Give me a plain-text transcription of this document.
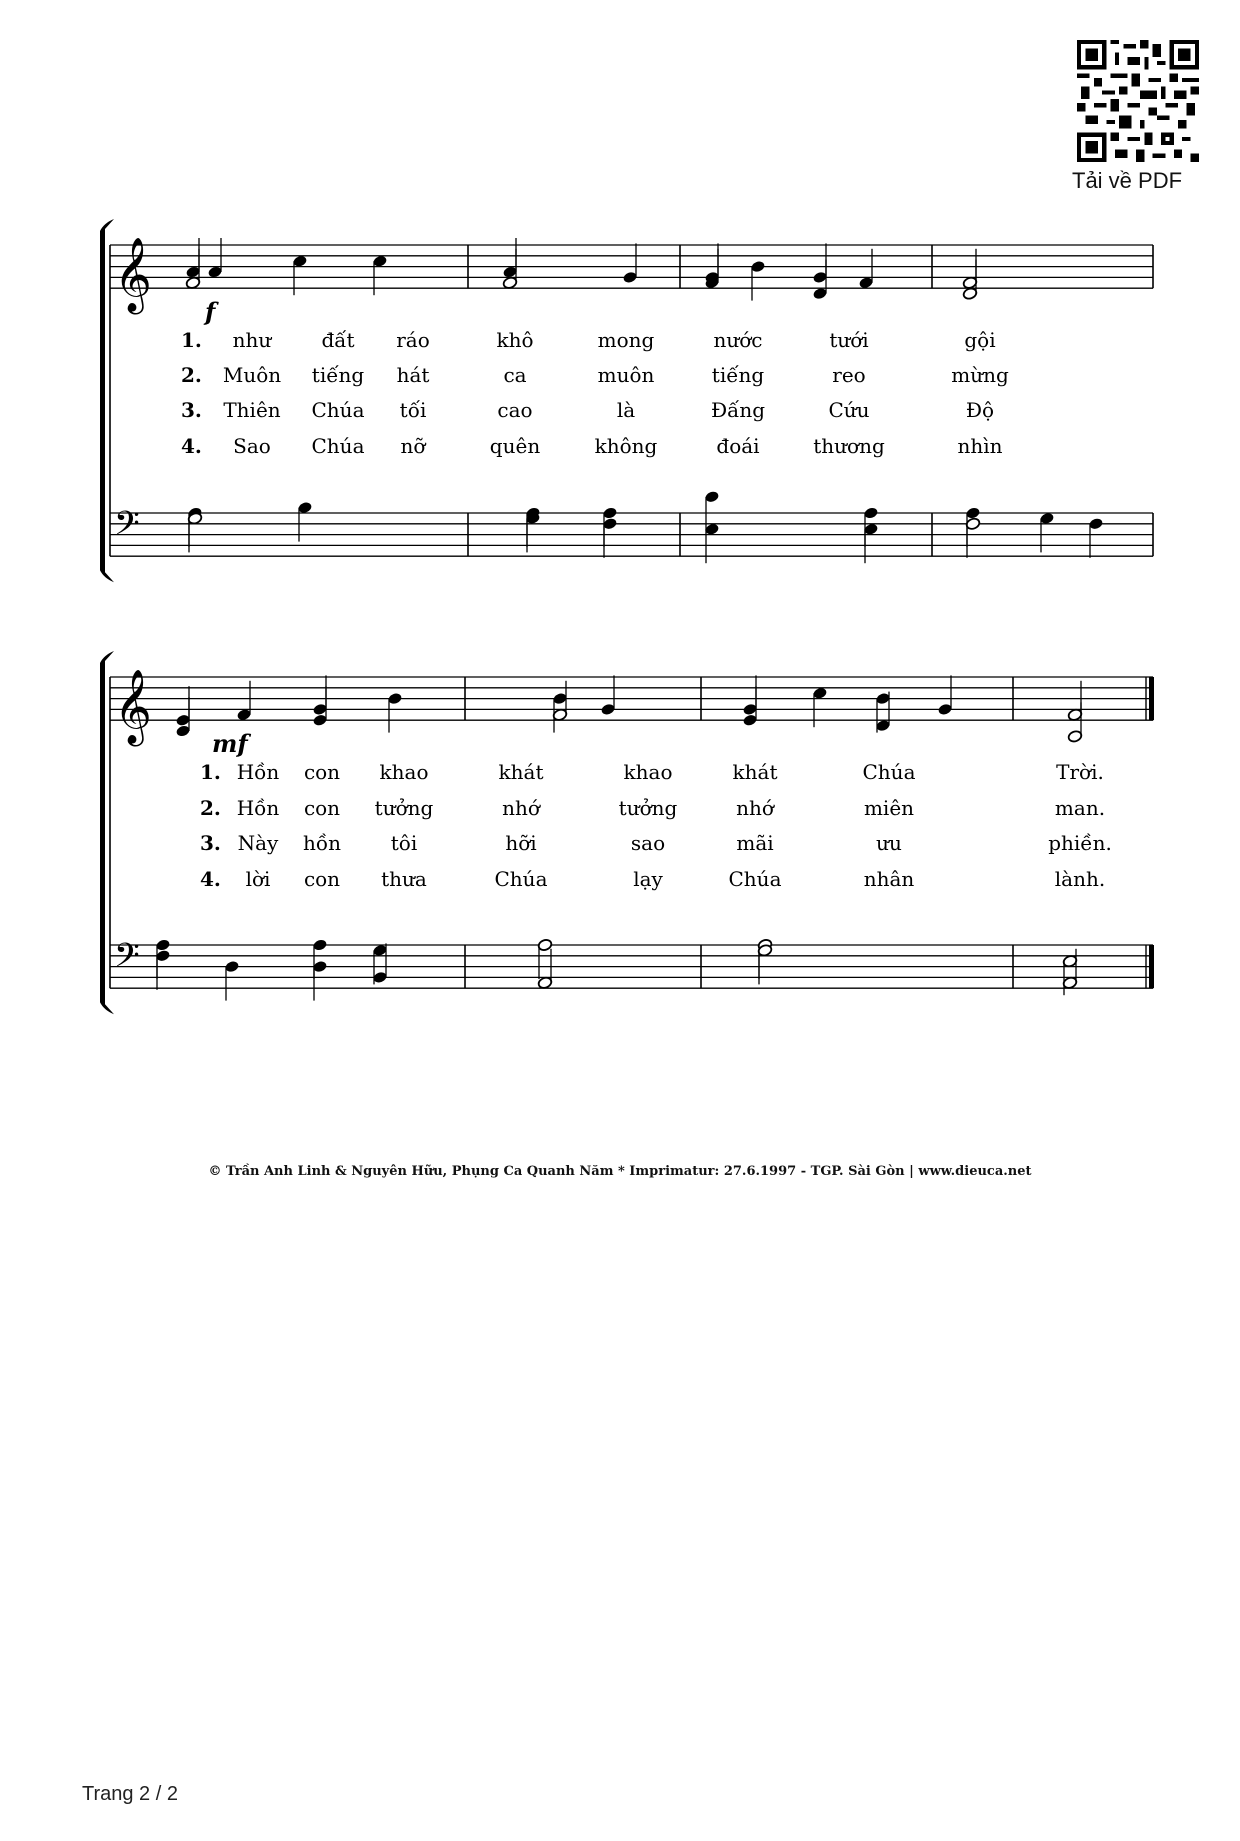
Tải về PDF
𝄞
𝄢
f
𝄞
𝄢
mf
1. như	đất ráo	khô	mong	nước	tưới	gội
2. Muôn tiếng hát	ca	muôn	tiếng	reo	mừng
3. Thiên Chúa tối	cao	là	Đấng	Cứu	Độ
4. Sao Chúa nỡ	quên	không	đoái	thương	nhìn
1. Hồn con khao	khát	khao	khát	Chúa	Trời.
2. Hồn con tưởng	nhớ	tưởng	nhớ	miên	man.
3. Này hồn tôi	hỡi	sao	mãi	ưu	phiền.
4. lời con thưa	Chúa	lạy	Chúa	nhân	lành.
© Trần Anh Linh & Nguyên Hữu, Phụng Ca Quanh Năm * Imprimatur: 27.6.1997 - TGP. Sài Gòn | www.dieuca.net
Trang 2 / 2
